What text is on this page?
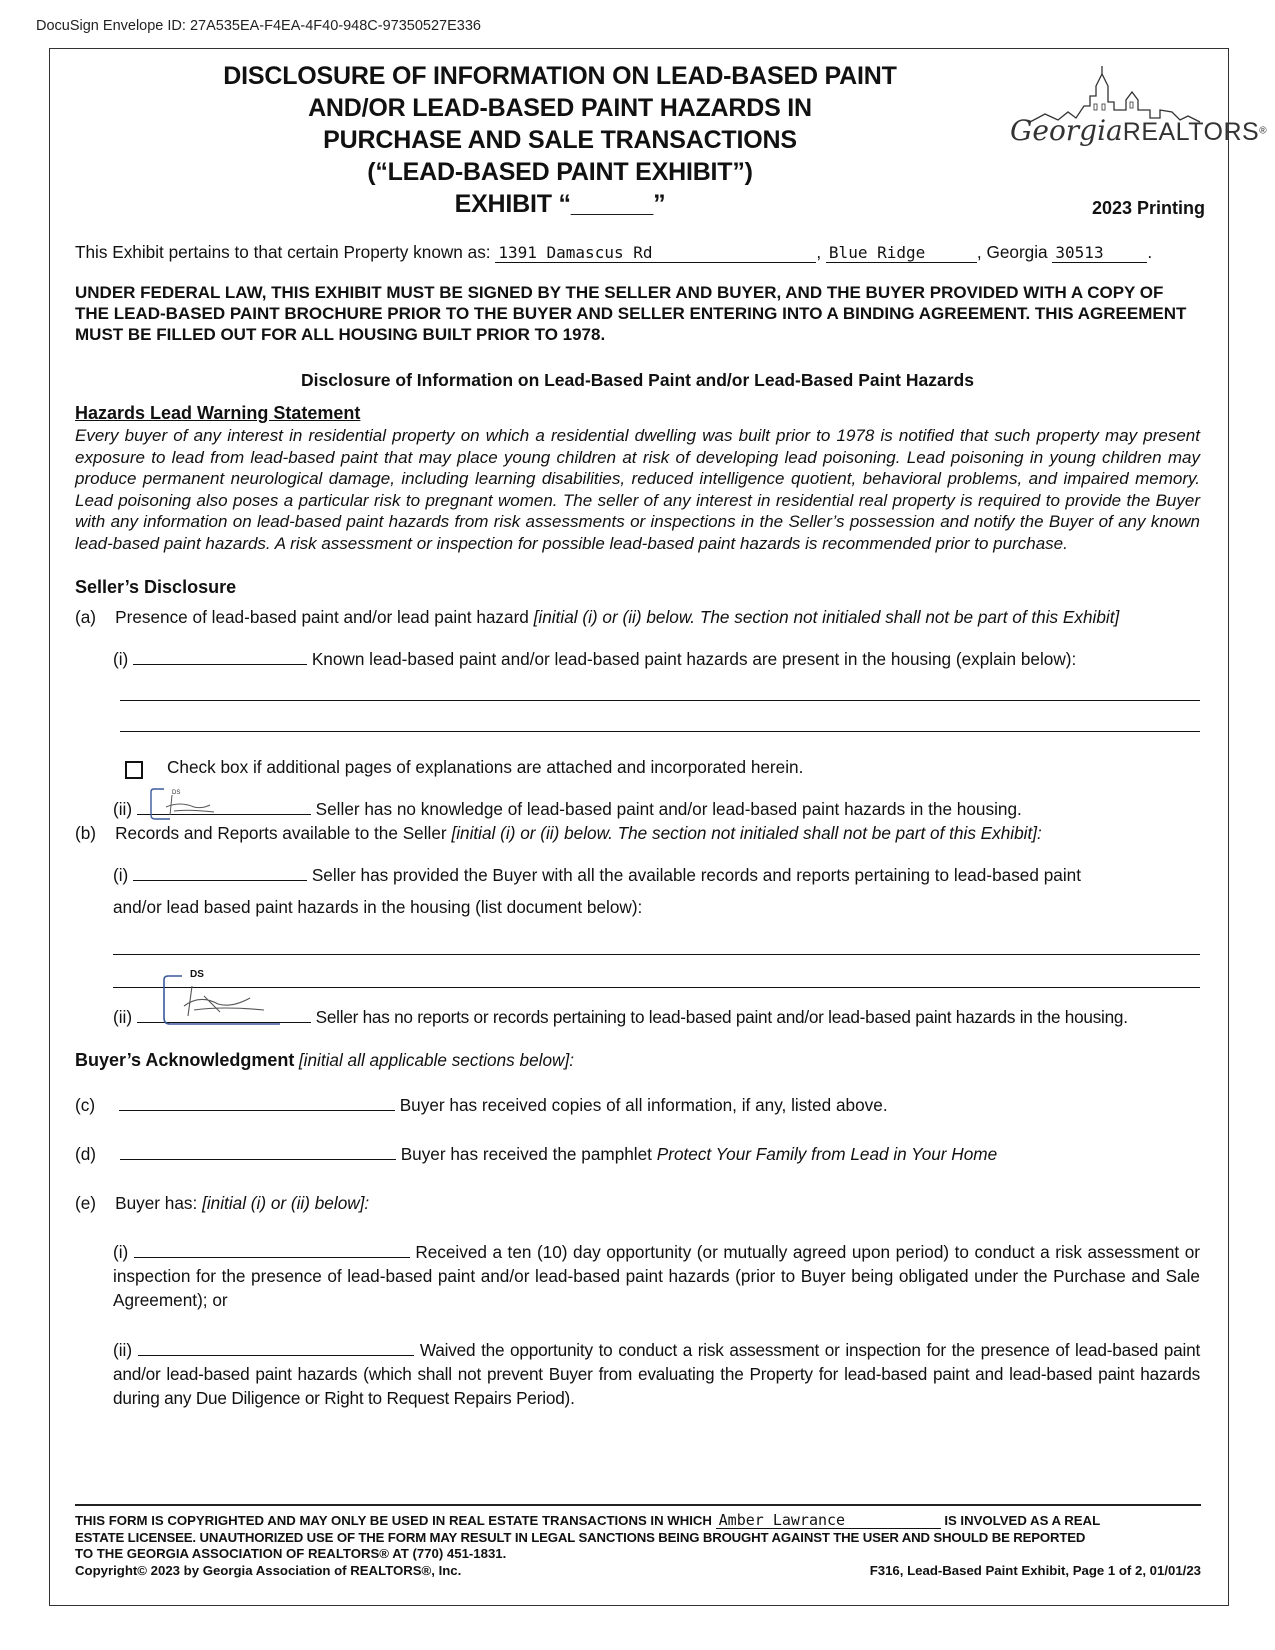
DocuSign Envelope ID: 27A535EA-F4EA-4F40-948C-97350527E336
DISCLOSURE OF INFORMATION ON LEAD-BASED PAINT
AND/OR LEAD-BASED PAINT HAZARDS IN
PURCHASE AND SALE TRANSACTIONS
(“LEAD-BASED PAINT EXHIBIT”)
EXHIBIT “______”
GeorgiaREALTORS®
2023 Printing
This Exhibit pertains to that certain Property known as: 1391 Damascus Rd	, Blue Ridge	, Georgia 30513	.
UNDER FEDERAL LAW, THIS EXHIBIT MUST BE SIGNED BY THE SELLER AND BUYER, AND THE BUYER PROVIDED WITH A COPY OF THE LEAD-BASED PAINT BROCHURE PRIOR TO THE BUYER AND SELLER ENTERING INTO A BINDING AGREEMENT. THIS AGREEMENT MUST BE FILLED OUT FOR ALL HOUSING BUILT PRIOR TO 1978.
Disclosure of Information on Lead-Based Paint and/or Lead-Based Paint Hazards
Hazards Lead Warning Statement
Every buyer of any interest in residential property on which a residential dwelling was built prior to 1978 is notified that such property may present exposure to lead from lead-based paint that may place young children at risk of developing lead poisoning. Lead poisoning in young children may produce permanent neurological damage, including learning disabilities, reduced intelligence quotient, behavioral problems, and impaired memory. Lead poisoning also poses a particular risk to pregnant women. The seller of any interest in residential real property is required to provide the Buyer with any information on lead-based paint hazards from risk assessments or inspections in the Seller’s possession and notify the Buyer of any known lead-based paint hazards. A risk assessment or inspection for possible lead-based paint hazards is recommended prior to purchase.
Seller’s Disclosure
(a) Presence of lead-based paint and/or lead paint hazard [initial (i) or (ii) below. The section not initialed shall not be part of this Exhibit]
(i)	Known lead-based paint and/or lead-based paint hazards are present in the housing (explain below):
Check box if additional pages of explanations are attached and incorporated herein.
(ii)	Seller has no knowledge of lead-based paint and/or lead-based paint hazards in the housing.
DS
(b) Records and Reports available to the Seller [initial (i) or (ii) below. The section not initialed shall not be part of this Exhibit]:
(i)	Seller has provided the Buyer with all the available records and reports pertaining to lead-based paint
and/or lead based paint hazards in the housing (list document below):
(ii)	Seller has no reports or records pertaining to lead-based paint and/or lead-based paint hazards in the housing.
DS
Buyer’s Acknowledgment [initial all applicable sections below]:
(c)	Buyer has received copies of all information, if any, listed above.
(d)	Buyer has received the pamphlet Protect Your Family from Lead in Your Home
(e) Buyer has: [initial (i) or (ii) below]:
(i)	Received a ten (10) day opportunity (or mutually agreed upon period) to conduct a risk assessment or inspection for the presence of lead-based paint and/or lead-based paint hazards (prior to Buyer being obligated under the Purchase and Sale Agreement); or
(ii)	Waived the opportunity to conduct a risk assessment or inspection for the presence of lead-based paint and/or lead-based paint hazards (which shall not prevent Buyer from evaluating the Property for lead-based paint and lead-based paint hazards during any Due Diligence or Right to Request Repairs Period).
THIS FORM IS COPYRIGHTED AND MAY ONLY BE USED IN REAL ESTATE TRANSACTIONS IN WHICH Amber Lawrance	IS INVOLVED AS A REAL
ESTATE LICENSEE. UNAUTHORIZED USE OF THE FORM MAY RESULT IN LEGAL SANCTIONS BEING BROUGHT AGAINST THE USER AND SHOULD BE REPORTED
TO THE GEORGIA ASSOCIATION OF REALTORS® AT (770) 451-1831.
Copyright© 2023 by Georgia Association of REALTORS®, Inc.	F316, Lead-Based Paint Exhibit, Page 1 of 2, 01/01/23
